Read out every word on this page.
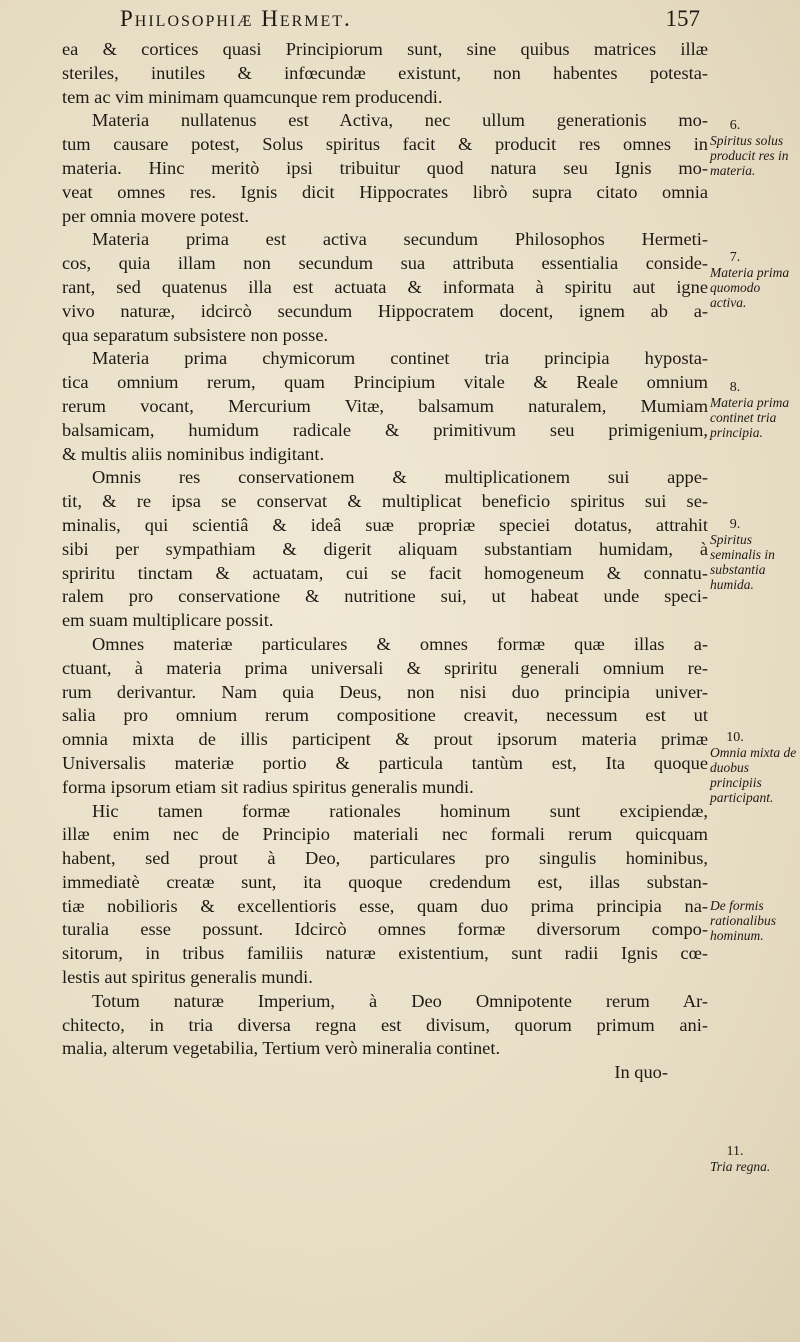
Philosophiæ Hermet.	157
ea & cortices quasi Principiorum sunt, sine quibus matrices illæ
steriles, inutiles & infœcundæ existunt, non habentes potesta-
tem ac vim minimam quamcunque rem producendi.
Materia nullatenus est Activa, nec ullum generationis mo-
tum causare potest, Solus spiritus facit & producit res omnes in
materia. Hinc meritò ipsi tribuitur quod natura seu Ignis mo-
veat omnes res. Ignis dicit Hippocrates librò supra citato omnia
per omnia movere potest.
Materia prima est activa secundum Philosophos Hermeti-
cos, quia illam non secundum sua attributa essentialia conside-
rant, sed quatenus illa est actuata & informata à spiritu aut igne
vivo naturæ, idcircò secundum Hippocratem docent, ignem ab a-
qua separatum subsistere non posse.
Materia prima chymicorum continet tria principia hyposta-
tica omnium rerum, quam Principium vitale & Reale omnium
rerum vocant, Mercurium Vitæ, balsamum naturalem, Mumiam
balsamicam, humidum radicale & primitivum seu primigenium,
& multis aliis nominibus indigitant.
Omnis res conservationem & multiplicationem sui appe-
tit, & re ipsa se conservat & multiplicat beneficio spiritus sui se-
minalis, qui scientiâ & ideâ suæ propriæ speciei dotatus, attrahit
sibi per sympathiam & digerit aliquam substantiam humidam, à
spriritu tinctam & actuatam, cui se facit homogeneum & connatu-
ralem pro conservatione & nutritione sui, ut habeat unde speci-
em suam multiplicare possit.
Omnes materiæ particulares & omnes formæ quæ illas a-
ctuant, à materia prima universali & spriritu generali omnium re-
rum derivantur. Nam quia Deus, non nisi duo principia univer-
salia pro omnium rerum compositione creavit, necessum est ut
omnia mixta de illis participent & prout ipsorum materia primæ
Universalis materiæ portio & particula tantùm est, Ita quoque
forma ipsorum etiam sit radius spiritus generalis mundi.
Hic tamen formæ rationales hominum sunt excipiendæ,
illæ enim nec de Principio materiali nec formali rerum quicquam
habent, sed prout à Deo, particulares pro singulis hominibus,
immediatè creatæ sunt, ita quoque credendum est, illas substan-
tiæ nobilioris & excellentioris esse, quam duo prima principia na-
turalia esse possunt. Idcircò omnes formæ diversorum compo-
sitorum, in tribus familiis naturæ existentium, sunt radii Ignis cœ-
lestis aut spiritus generalis mundi.
Totum naturæ Imperium, à Deo Omnipotente rerum Ar-
chitecto, in tria diversa regna est divisum, quorum primum ani-
malia, alterum vegetabilia, Tertium verò mineralia continet.
In quo-
6.
Spiritus solus producit res in materia.
7.
Materia prima quomodo activa.
8.
Materia prima continet tria principia.
9.
Spiritus seminalis in substantia humida.
10.
Omnia mixta de duobus principiis participant.
De formis rationalibus hominum.
11.
Tria regna.
